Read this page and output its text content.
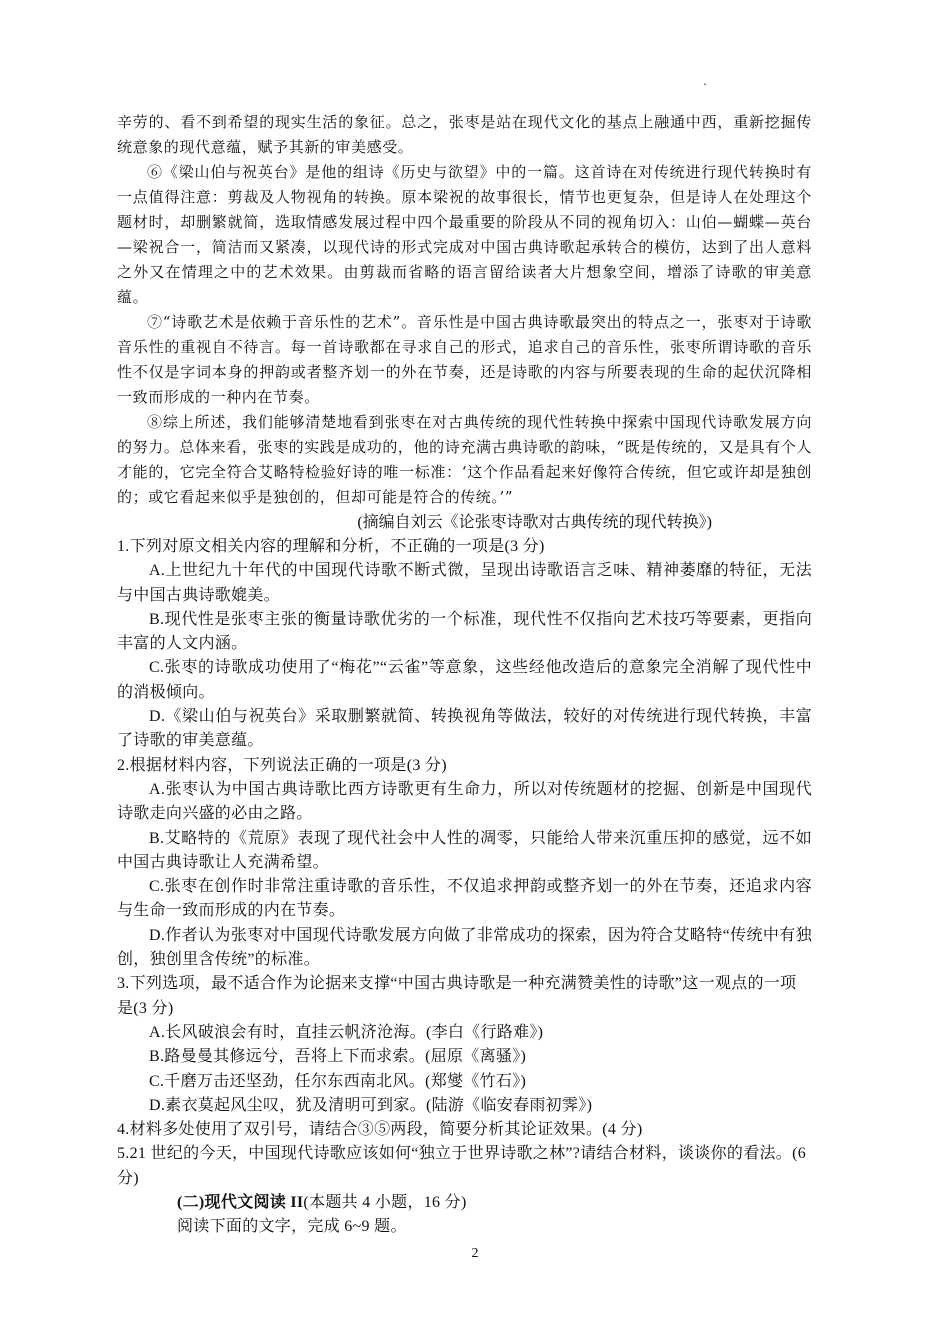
.

辛劳的、看不到希望的现实生活的象征。总之，张枣是站在现代文化的基点上融通中西，重新挖掘传统意象的现代意蕴，赋予其新的审美感受。

⑥《梁山伯与祝英台》是他的组诗《历史与欲望》中的一篇。这首诗在对传统进行现代转换时有一点值得注意：剪裁及人物视角的转换。原本梁祝的故事很长，情节也更复杂，但是诗人在处理这个题材时，却删繁就简，选取情感发展过程中四个最重要的阶段从不同的视角切入：山伯—蝴蝶—英台—梁祝合一，简洁而又紧凑，以现代诗的形式完成对中国古典诗歌起承转合的模仿，达到了出人意料之外又在情理之中的艺术效果。由剪裁而省略的语言留给读者大片想象空间，增添了诗歌的审美意蕴。

⑦“诗歌艺术是依赖于音乐性的艺术”。音乐性是中国古典诗歌最突出的特点之一，张枣对于诗歌音乐性的重视自不待言。每一首诗歌都在寻求自己的形式，追求自己的音乐性，张枣所谓诗歌的音乐性不仅是字词本身的押韵或者整齐划一的外在节奏，还是诗歌的内容与所要表现的生命的起伏沉降相一致而形成的一种内在节奏。

⑧综上所述，我们能够清楚地看到张枣在对古典传统的现代性转换中探索中国现代诗歌发展方向的努力。总体来看，张枣的实践是成功的，他的诗充满古典诗歌的韵味，“既是传统的，又是具有个人才能的，它完全符合艾略特检验好诗的唯一标准：‘这个作品看起来好像符合传统，但它或许却是独创的；或它看起来似乎是独创的，但却可能是符合的传统。’”

(摘编自刘云《论张枣诗歌对古典传统的现代转换》)

1.下列对原文相关内容的理解和分析，不正确的一项是(3 分)

A.上世纪九十年代的中国现代诗歌不断式微，呈现出诗歌语言乏味、精神萎靡的特征，无法与中国古典诗歌媲美。

B.现代性是张枣主张的衡量诗歌优劣的一个标准，现代性不仅指向艺术技巧等要素，更指向丰富的人文内涵。

C.张枣的诗歌成功使用了“梅花”“云雀”等意象，这些经他改造后的意象完全消解了现代性中的消极倾向。

D.《梁山伯与祝英台》采取删繁就简、转换视角等做法，较好的对传统进行现代转换，丰富了诗歌的审美意蕴。

2.根据材料内容，下列说法正确的一项是(3 分)

A.张枣认为中国古典诗歌比西方诗歌更有生命力，所以对传统题材的挖掘、创新是中国现代诗歌走向兴盛的必由之路。

B.艾略特的《荒原》表现了现代社会中人性的凋零，只能给人带来沉重压抑的感觉，远不如中国古典诗歌让人充满希望。

C.张枣在创作时非常注重诗歌的音乐性，不仅追求押韵或整齐划一的外在节奏，还追求内容与生命一致而形成的内在节奏。

D.作者认为张枣对中国现代诗歌发展方向做了非常成功的探索，因为符合艾略特“传统中有独创，独创里含传统”的标准。

3.下列选项，最不适合作为论据来支撑“中国古典诗歌是一种充满赞美性的诗歌”这一观点的一项是(3 分)

A.长风破浪会有时，直挂云帆济沧海。(李白《行路难》)

B.路曼曼其修远兮，吾将上下而求索。(屈原《离骚》)

C.千磨万击还坚劲，任尔东西南北风。(郑燮《竹石》)

D.素衣莫起风尘叹，犹及清明可到家。(陆游《临安春雨初霁》)

4.材料多处使用了双引号，请结合③⑤两段，简要分析其论证效果。(4 分)

5.21 世纪的今天，中国现代诗歌应该如何“独立于世界诗歌之林”?请结合材料，谈谈你的看法。(6 分)

(二)现代文阅读 II(本题共 4 小题，16 分)

阅读下面的文字，完成 6~9 题。

2
